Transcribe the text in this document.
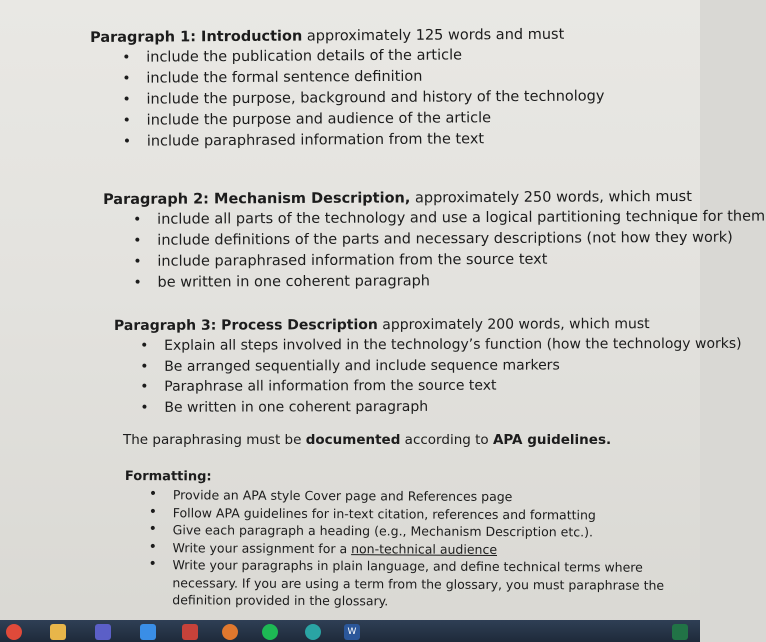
Paragraph 1: Introduction approximately 125 words and must

• include the publication details of the article
• include the formal sentence definition
• include the purpose, background and history of the technology
• include the purpose and audience of the article
• include paraphrased information from the text

Paragraph 2: Mechanism Description, approximately 250 words, which must

• include all parts of the technology and use a logical partitioning technique for them
• include definitions of the parts and necessary descriptions (not how they work)
• include paraphrased information from the source text
• be written in one coherent paragraph

Paragraph 3: Process Description approximately 200 words, which must

• Explain all steps involved in the technology’s function (how the technology works)
• Be arranged sequentially and include sequence markers
• Paraphrase all information from the source text
• Be written in one coherent paragraph
The paraphrasing must be documented according to APA guidelines.

Formatting:

• Provide an APA style Cover page and References page
• Follow APA guidelines for in-text citation, references and formatting
• Give each paragraph a heading (e.g., Mechanism Description etc.).
• Write your assignment for a non-technical audience
• Write your paragraphs in plain language, and define technical terms where necessary. If you are using a term from the glossary, you must paraphrase the definition provided in the glossary.
W
